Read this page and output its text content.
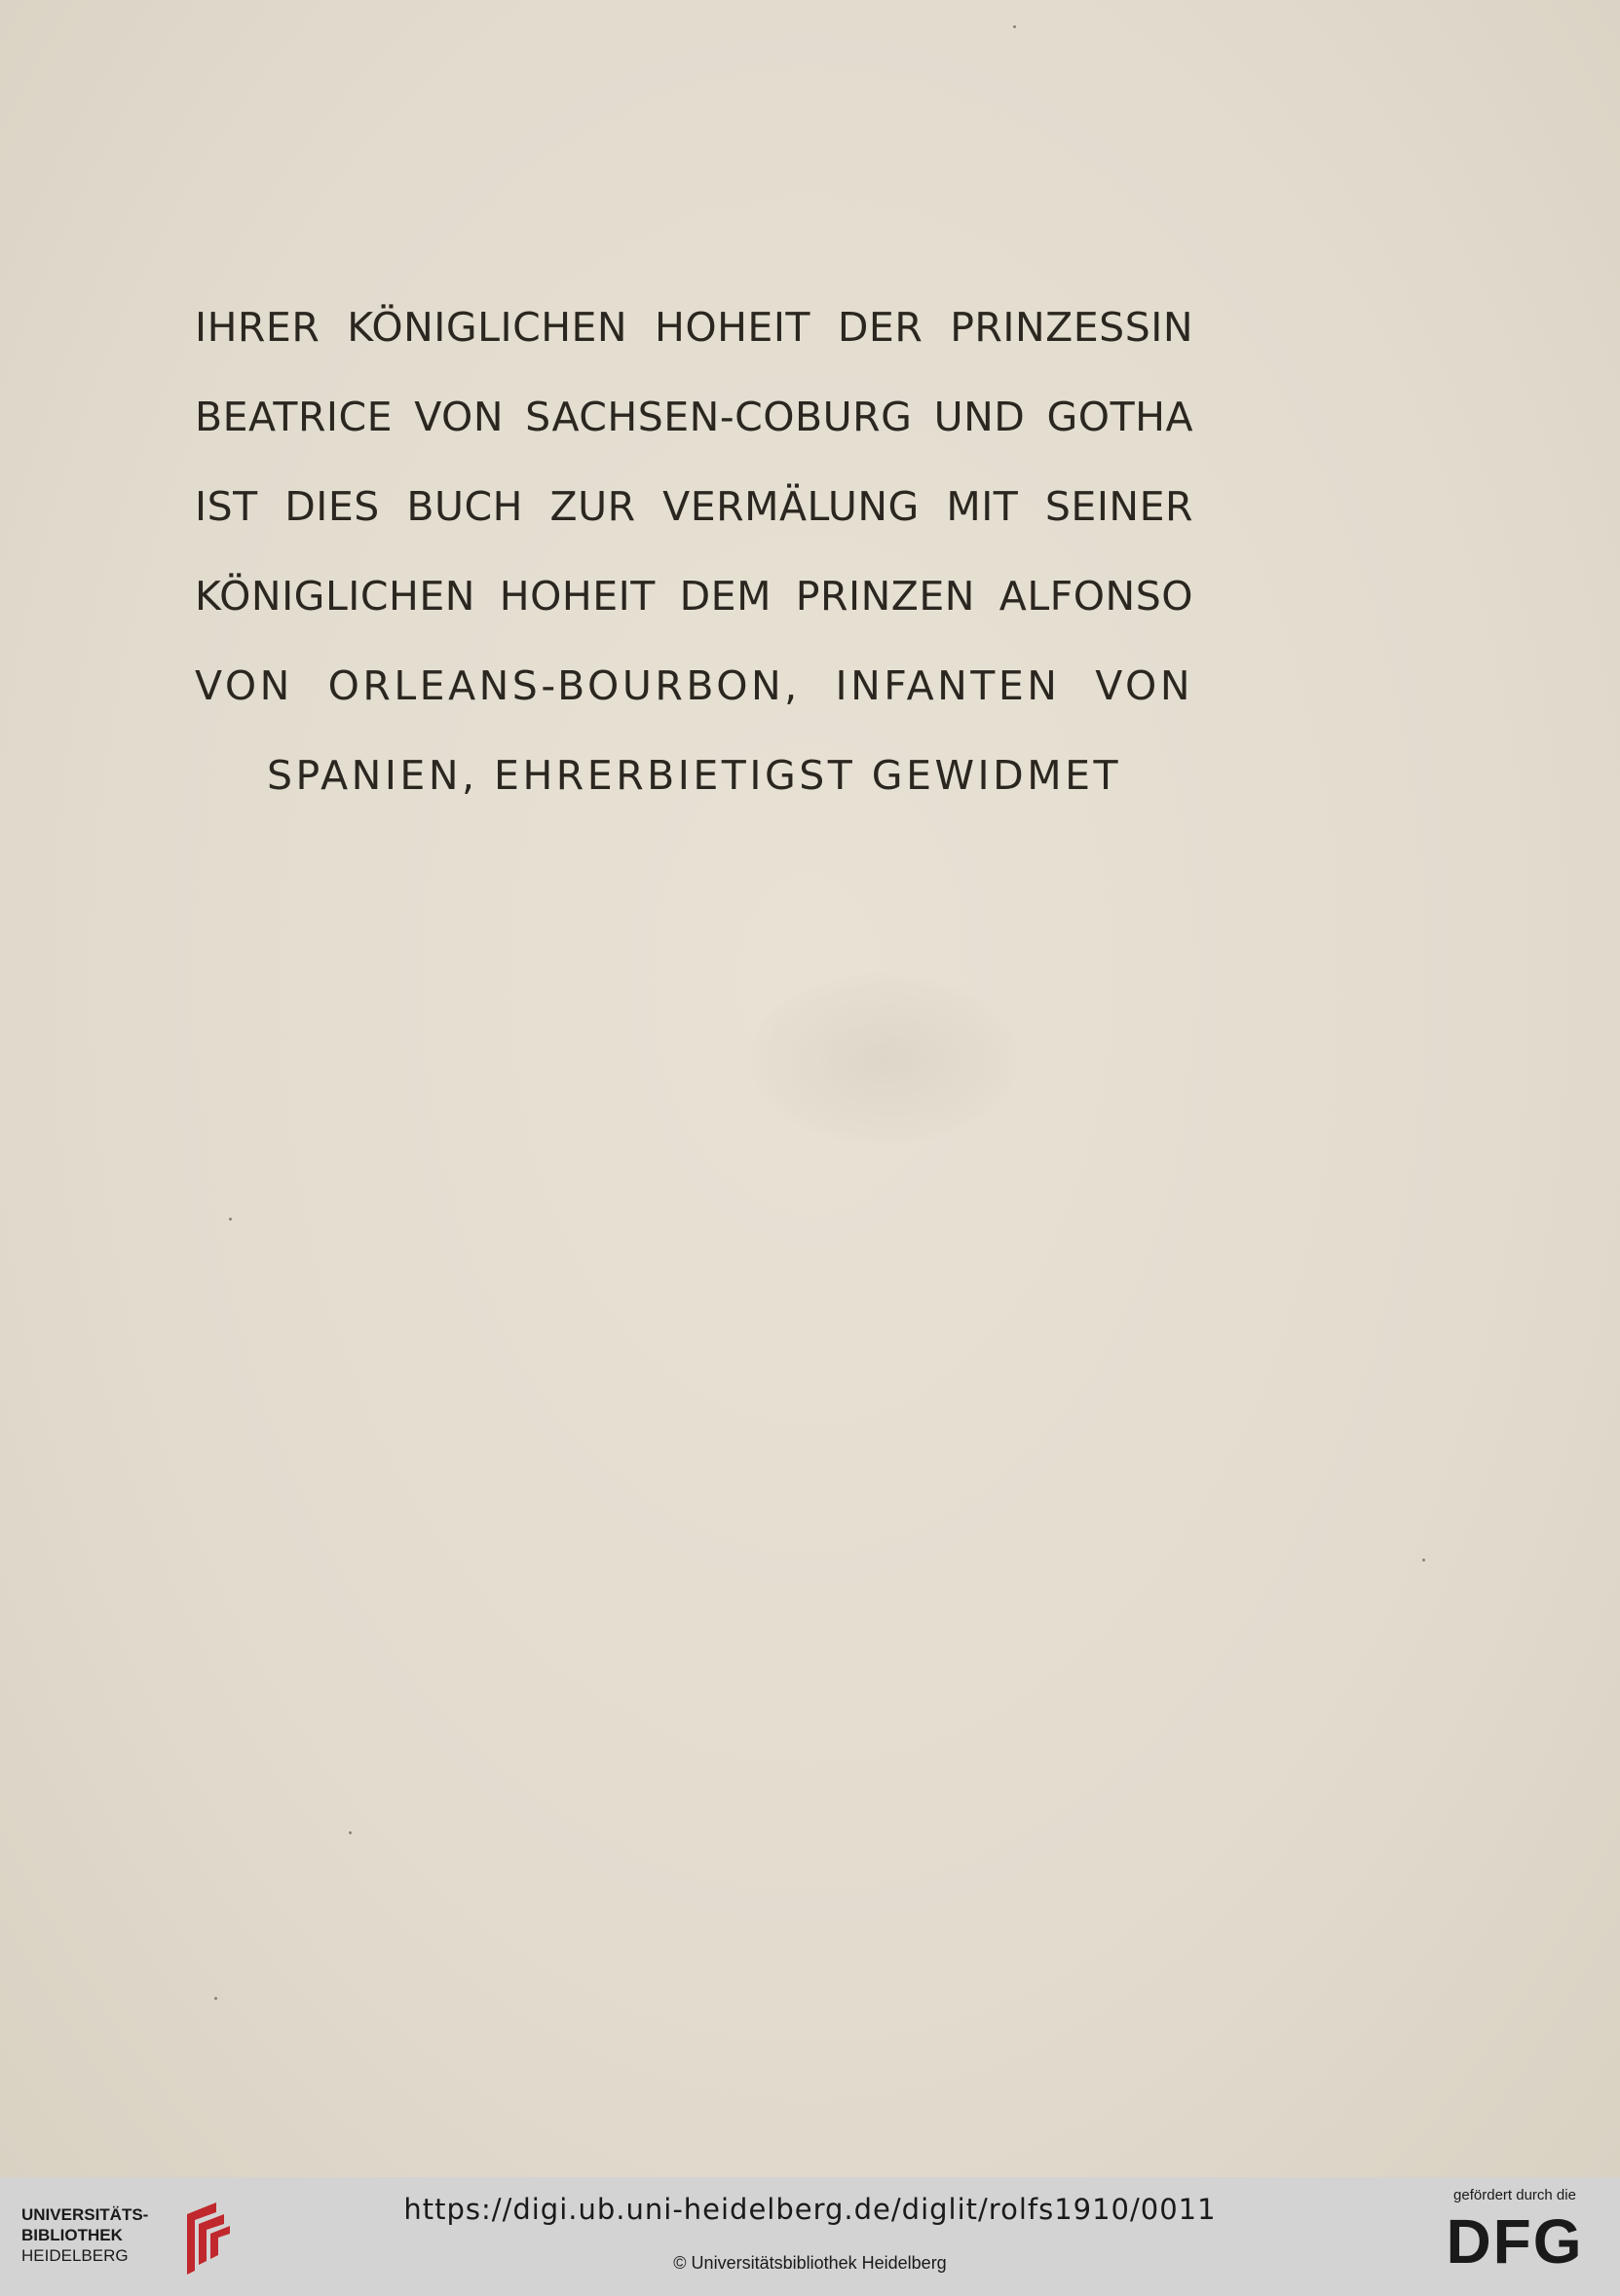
IHRER KÖNIGLICHEN HOHEIT DER PRINZESSIN
BEATRICE VON SACHSEN-COBURG UND GOTHA
IST DIES BUCH ZUR VERMÄLUNG MIT SEINER
KÖNIGLICHEN HOHEIT DEM PRINZEN ALFONSO
VON ORLEANS-BOURBON, INFANTEN VON
SPANIEN, EHRERBIETIGST GEWIDMET
UNIVERSITÄTS-
BIBLIOTHEK
HEIDELBERG
https://digi.ub.uni-heidelberg.de/diglit/rolfs1910/0011
© Universitätsbibliothek Heidelberg
gefördert durch die
DFG
